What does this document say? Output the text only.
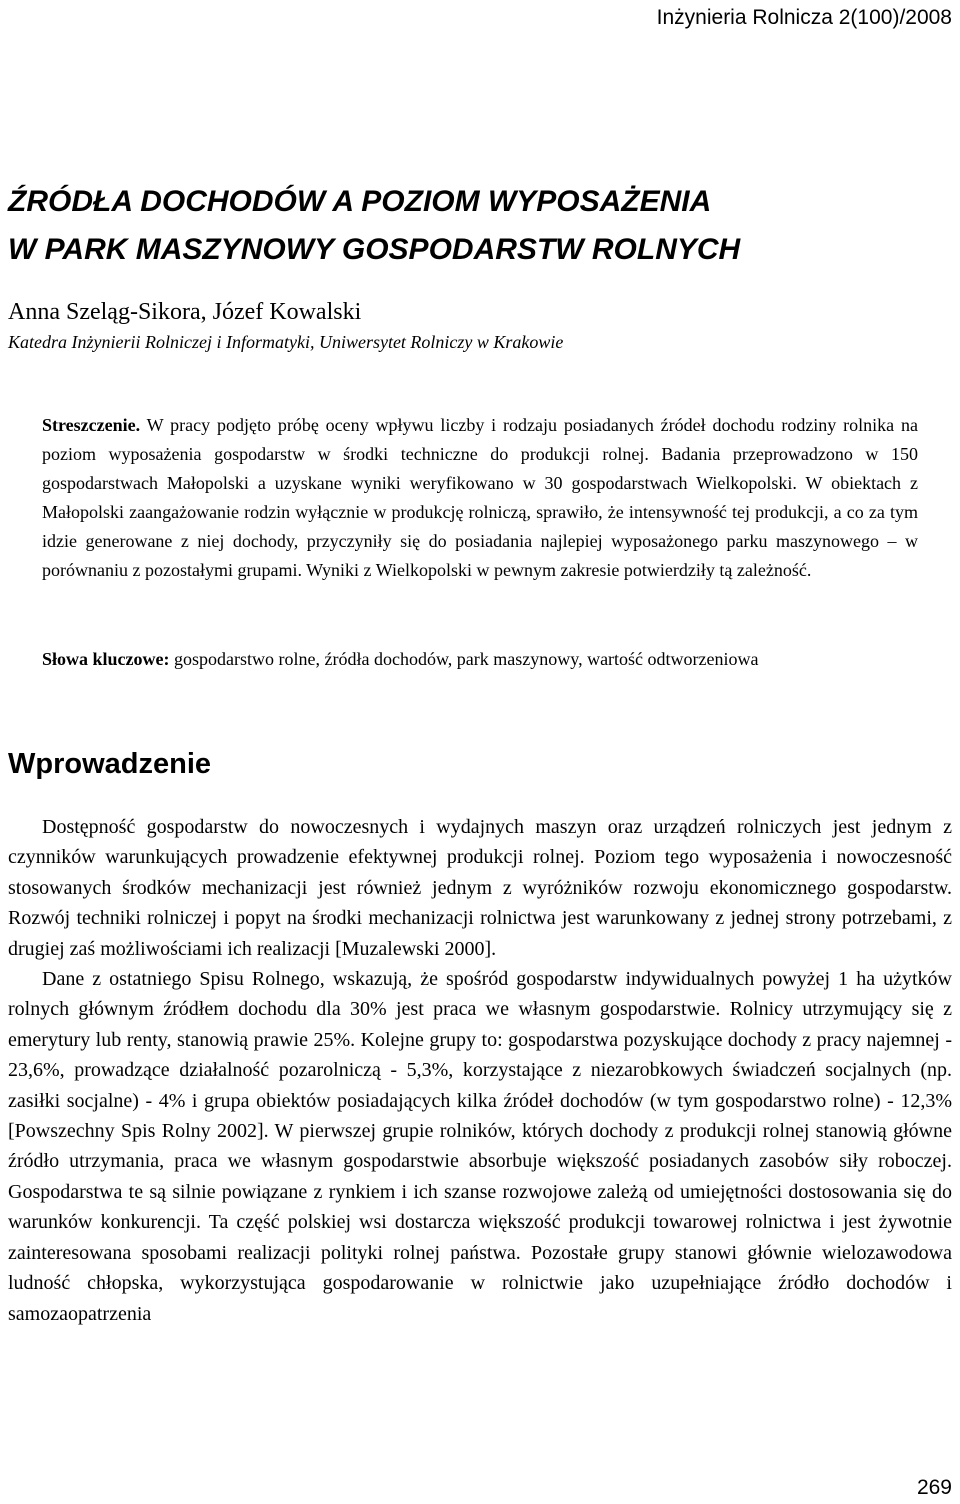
Inżynieria Rolnicza 2(100)/2008
ŹRÓDŁA DOCHODÓW A POZIOM WYPOSAŻENIA
W PARK MASZYNOWY GOSPODARSTW ROLNYCH
Anna Szeląg-Sikora, Józef Kowalski
Katedra Inżynierii Rolniczej i Informatyki, Uniwersytet Rolniczy w Krakowie

Streszczenie. W pracy podjęto próbę oceny wpływu liczby i rodzaju posiadanych źródeł dochodu rodziny rolnika na poziom wyposażenia gospodarstw w środki techniczne do produkcji rolnej. Badania przeprowadzono w 150 gospodarstwach Małopolski a uzyskane wyniki weryfikowano w 30 gospodarstwach Wielkopolski. W obiektach z Małopolski zaangażowanie rodzin wyłącznie w produkcję rolniczą, sprawiło, że intensywność tej produkcji, a co za tym idzie generowane z niej dochody, przyczyniły się do posiadania najlepiej wyposażonego parku maszynowego – w porównaniu z pozostałymi grupami. Wyniki z Wielkopolski w pewnym zakresie potwierdziły tą zależność.

Słowa kluczowe: gospodarstwo rolne, źródła dochodów, park maszynowy, wartość odtworzeniowa

Wprowadzenie

Dostępność gospodarstw do nowoczesnych i wydajnych maszyn oraz urządzeń rolniczych jest jednym z czynników warunkujących prowadzenie efektywnej produkcji rolnej. Poziom tego wyposażenia i nowoczesność stosowanych środków mechanizacji jest również jednym z wyróżników rozwoju ekonomicznego gospodarstw. Rozwój techniki rolniczej i popyt na środki mechanizacji rolnictwa jest warunkowany z jednej strony potrzebami, z drugiej zaś możliwościami ich realizacji [Muzalewski 2000].

Dane z ostatniego Spisu Rolnego, wskazują, że spośród gospodarstw indywidualnych powyżej 1 ha użytków rolnych głównym źródłem dochodu dla 30% jest praca we własnym gospodarstwie. Rolnicy utrzymujący się z emerytury lub renty, stanowią prawie 25%. Kolejne grupy to: gospodarstwa pozyskujące dochody z pracy najemnej - 23,6%, prowadzące działalność pozarolniczą - 5,3%, korzystające z niezarobkowych świadczeń socjalnych (np. zasiłki socjalne) - 4% i grupa obiektów posiadających kilka źródeł dochodów (w tym gospodarstwo rolne) - 12,3% [Powszechny Spis Rolny 2002]. W pierwszej grupie rolników, których dochody z produkcji rolnej stanowią główne źródło utrzymania, praca we własnym gospodarstwie absorbuje większość posiadanych zasobów siły roboczej. Gospodarstwa te są silnie powiązane z rynkiem i ich szanse rozwojowe zależą od umiejętności dostosowania się do warunków konkurencji. Ta część polskiej wsi dostarcza większość produkcji towarowej rolnictwa i jest żywotnie zainteresowana sposobami realizacji polityki rolnej państwa. Pozostałe grupy stanowi głównie wielozawodowa ludność chłopska, wykorzystująca gospodarowanie w rolnictwie jako uzupełniające źródło dochodów i samozaopatrzenia

269
